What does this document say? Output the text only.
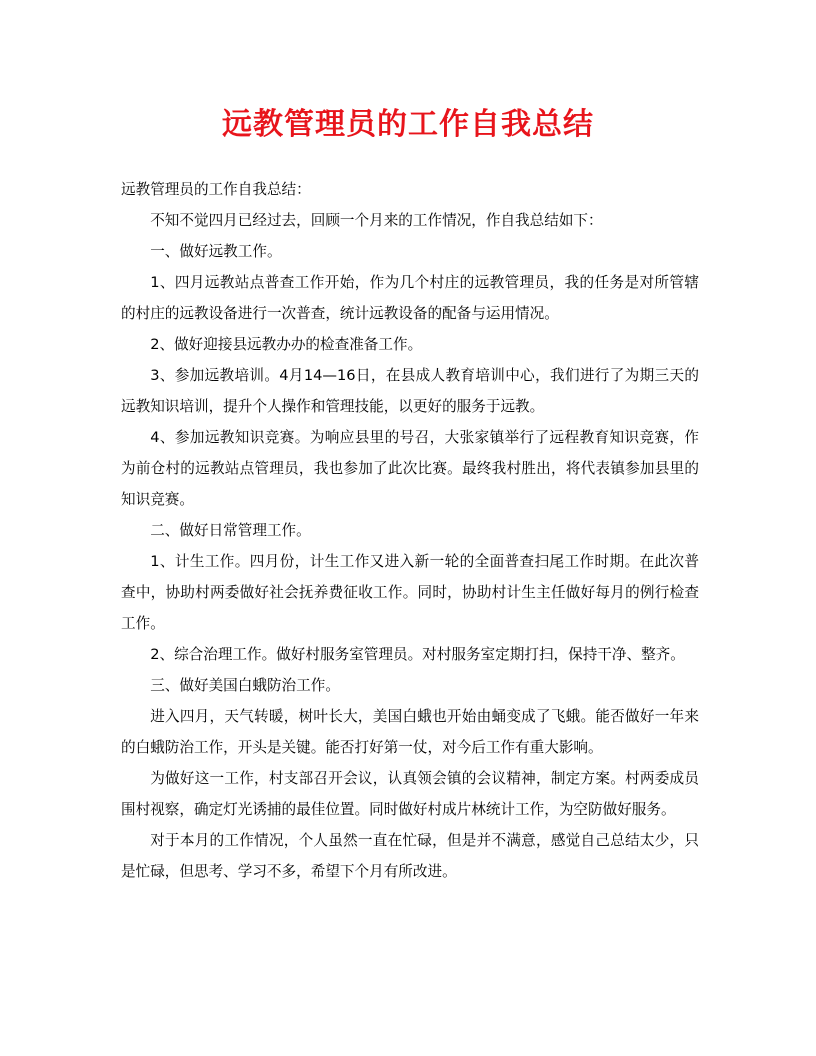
远教管理员的工作自我总结

远教管理员的工作自我总结：

不知不觉四月已经过去，回顾一个月来的工作情况，作自我总结如下：

一、做好远教工作。

1、四月远教站点普查工作开始，作为几个村庄的远教管理员，我的任务是对所管辖的村庄的远教设备进行一次普查，统计远教设备的配备与运用情况。

2、做好迎接县远教办办的检查准备工作。

3、参加远教培训。4月14—16日，在县成人教育培训中心，我们进行了为期三天的远教知识培训，提升个人操作和管理技能，以更好的服务于远教。

4、参加远教知识竞赛。为响应县里的号召，大张家镇举行了远程教育知识竞赛，作为前仓村的远教站点管理员，我也参加了此次比赛。最终我村胜出，将代表镇参加县里的知识竞赛。

二、做好日常管理工作。

1、计生工作。四月份，计生工作又进入新一轮的全面普查扫尾工作时期。在此次普查中，协助村两委做好社会抚养费征收工作。同时，协助村计生主任做好每月的例行检查工作。

2、综合治理工作。做好村服务室管理员。对村服务室定期打扫，保持干净、整齐。

三、做好美国白蛾防治工作。

进入四月，天气转暖，树叶长大，美国白蛾也开始由蛹变成了飞蛾。能否做好一年来的白蛾防治工作，开头是关键。能否打好第一仗，对今后工作有重大影响。

为做好这一工作，村支部召开会议，认真领会镇的会议精神，制定方案。村两委成员围村视察，确定灯光诱捕的最佳位置。同时做好村成片林统计工作，为空防做好服务。

对于本月的工作情况，个人虽然一直在忙碌，但是并不满意，感觉自己总结太少，只是忙碌，但思考、学习不多，希望下个月有所改进。
